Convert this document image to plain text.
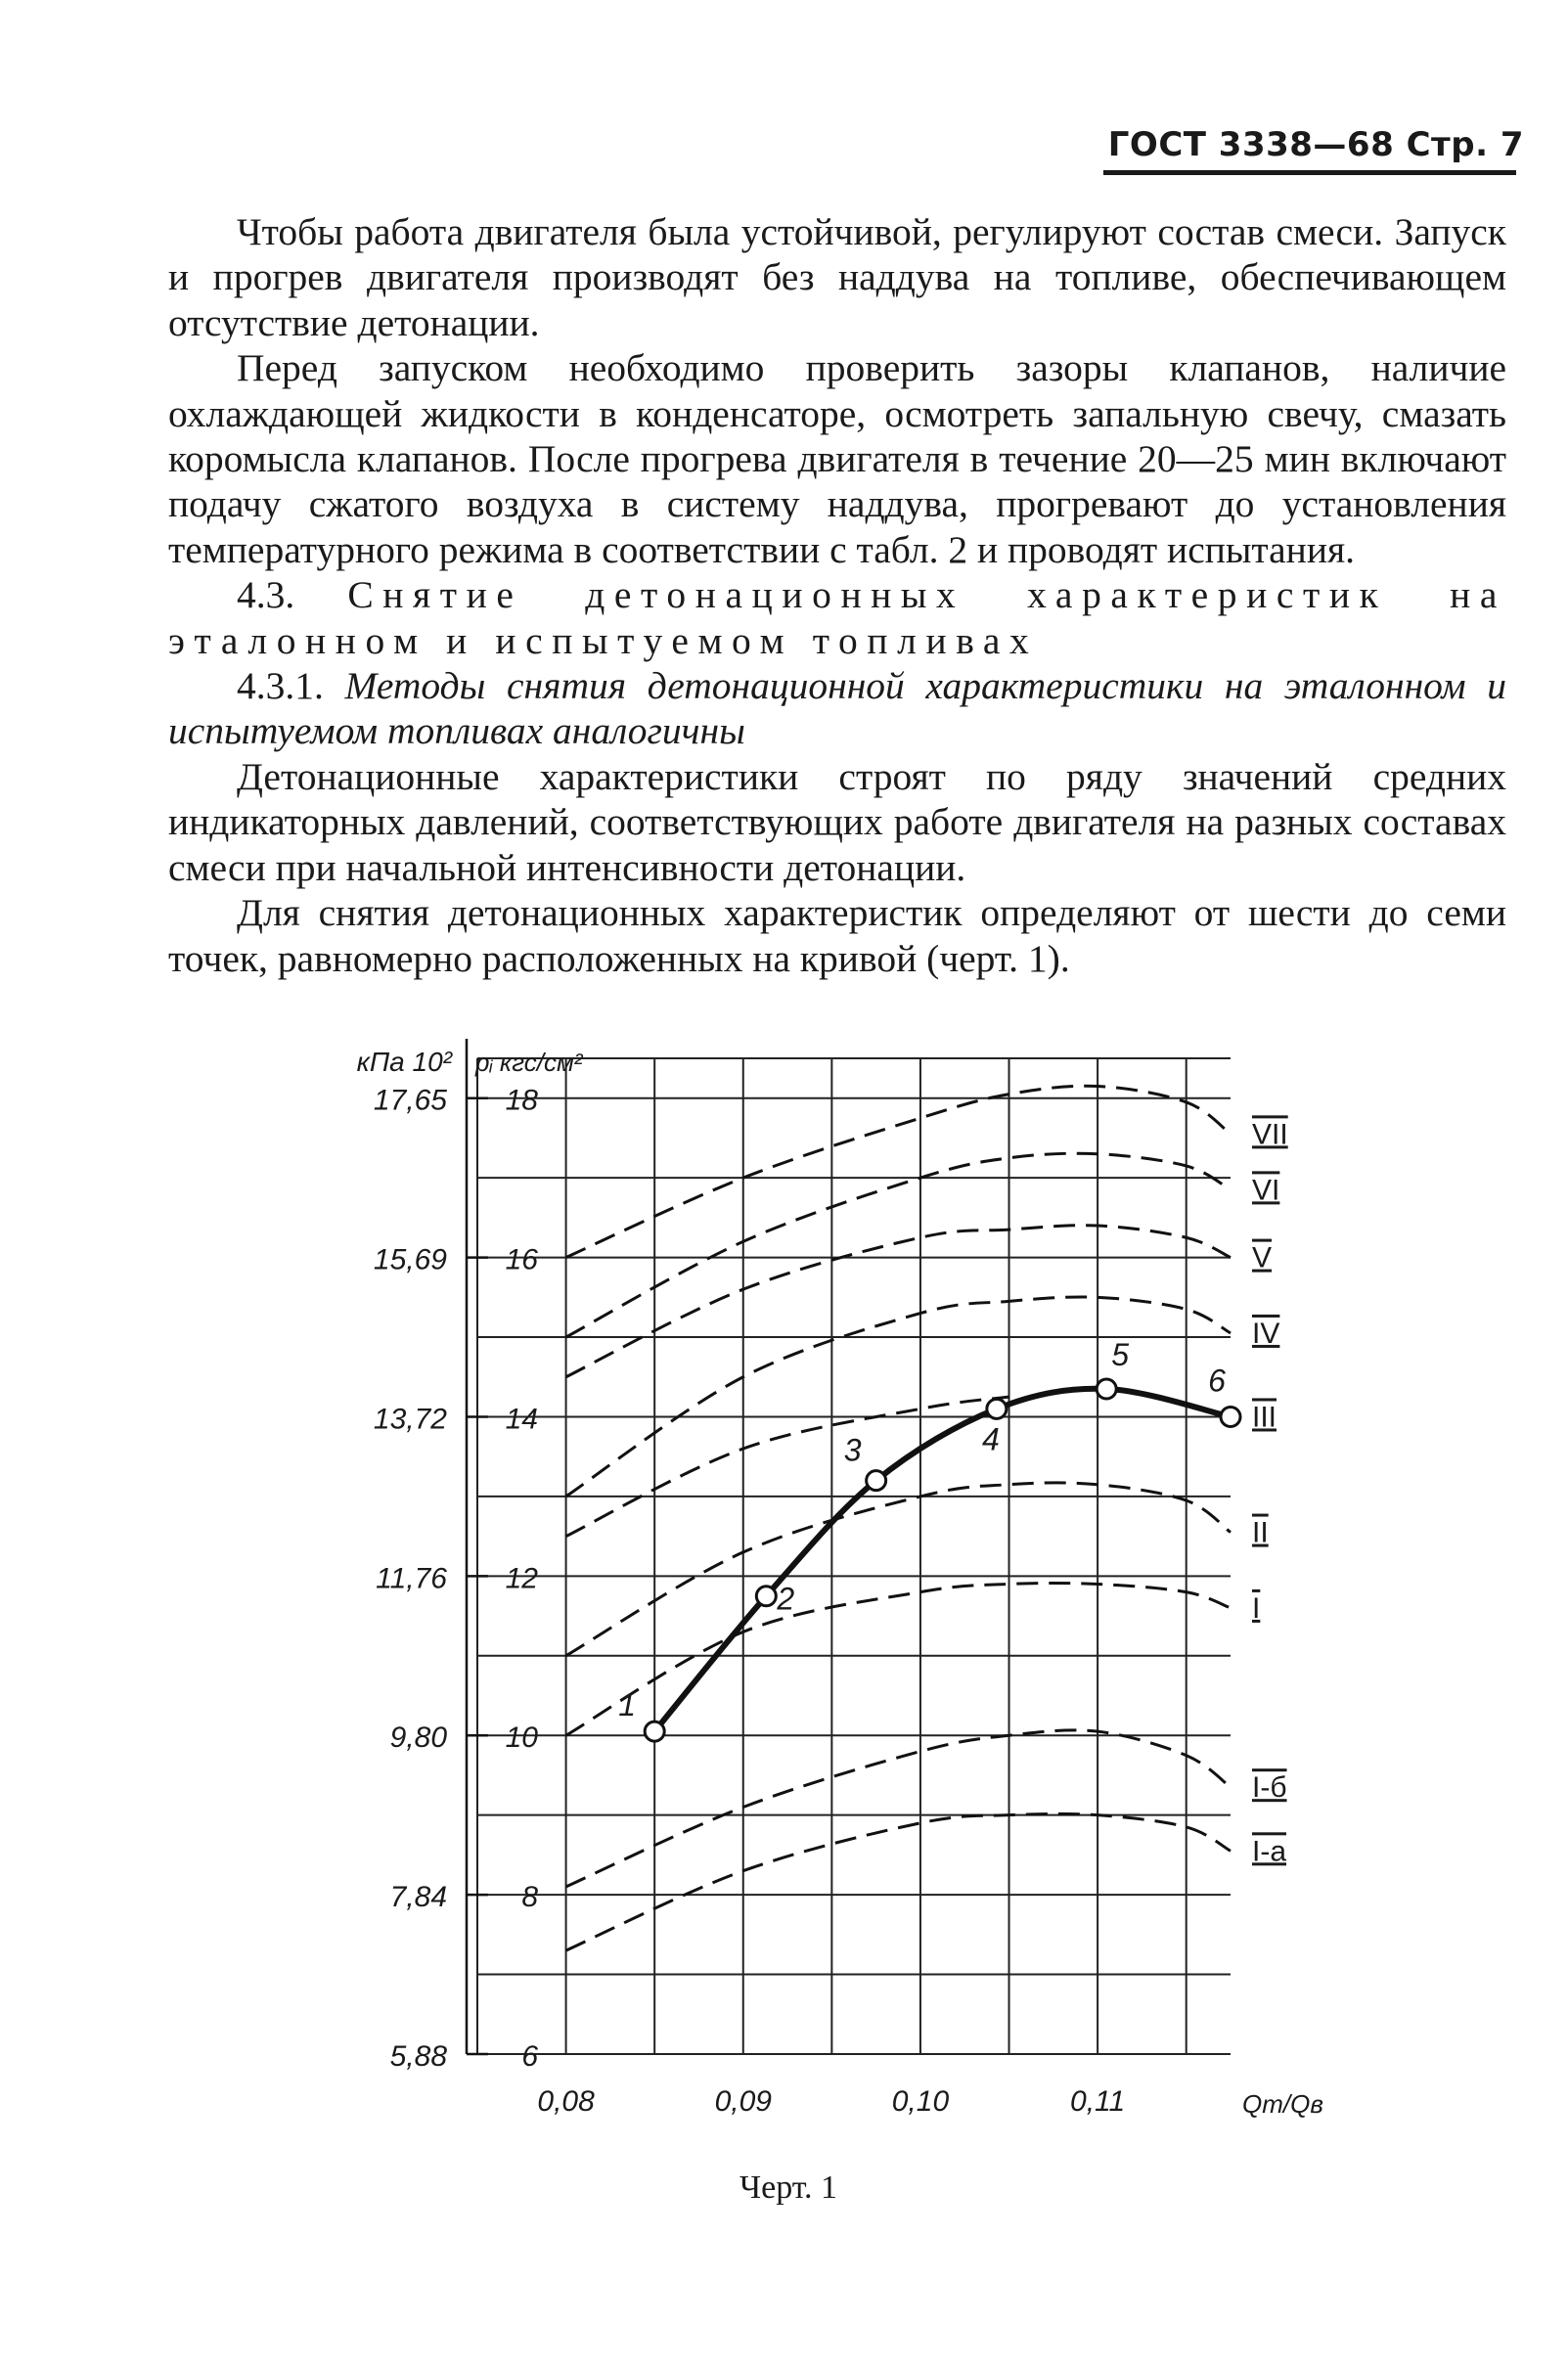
ГОСТ 3338—68 Стр. 7

Чтобы работа двигателя была устойчивой, регулируют состав смеси. Запуск и прогрев двигателя производят без наддува на топливе, обеспечивающем отсутствие детонации.

Перед запуском необходимо проверить зазоры клапанов, наличие охлаждающей жидкости в конденсаторе, осмотреть запальную свечу, смазать коромысла клапанов. После прогрева двигателя в течение 20—25 мин включают подачу сжатого воздуха в систему наддува, прогревают до установления температурного режима в соответствии с табл. 2 и проводят испытания.

4.3. Снятие детонационных характеристик на эталонном и испытуемом топливах

4.3.1. Методы снятия детонационной характеристики на эталонном и испытуемом топливах аналогичны

Детонационные характеристики строят по ряду значений средних индикаторных давлений, соответствующих работе двигателя на разных составах смеси при начальной интенсивности детонации.

Для снятия детонационных характеристик определяют от шести до семи точек, равномерно расположенных на кривой (черт. 1).

17,65
15,69
13,72
11,76
9,80
7,84
5,88
18
16
14
12
10
8
6
кПа 10² pᵢ кгс/см²
0,08	0,09	0,10	0,11	Qт/Qв
VII
VI
V
IV
III
II
I
I-б
I-а
1
2
3	4
5
6
Черт. 1
